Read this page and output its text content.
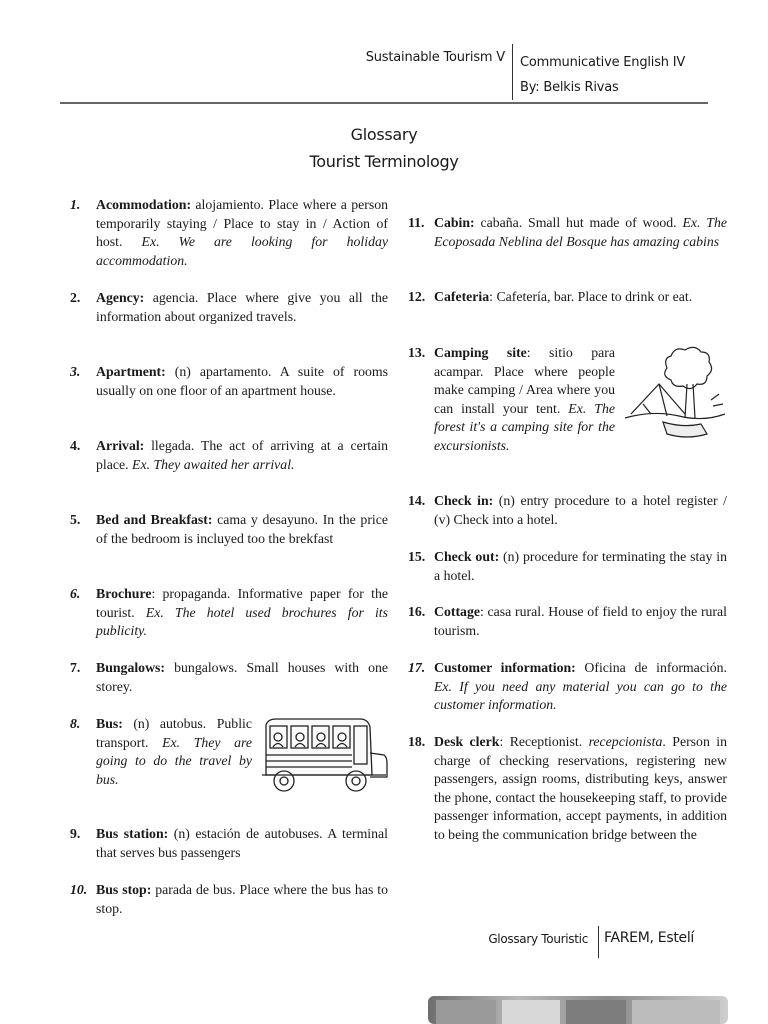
Sustainable Tourism V Communicative English IV
By: Belkis Rivas
Glossary
Tourist Terminology
1. Acommodation: alojamiento. Place where a person temporarily staying / Place to stay in / Action of host. Ex. We are looking for holiday accommodation.
2. Agency: agencia. Place where give you all the information about organized travels.
3. Apartment: (n) apartamento. A suite of rooms usually on one floor of an apartment house.
4. Arrival: llegada. The act of arriving at a certain place. Ex. They awaited her arrival.
5. Bed and Breakfast: cama y desayuno. In the price of the bedroom is incluyed too the brekfast
6. Brochure: propaganda. Informative paper for the tourist. Ex. The hotel used brochures for its publicity.
7. Bungalows: bungalows. Small houses with one storey.
8. Bus: (n) autobus. Public transport. Ex. They are going to do the travel by bus.
9. Bus station: (n) estación de autobuses. A terminal that serves bus passengers
10. Bus stop: parada de bus. Place where the bus has to stop.
11. Cabin: cabaña. Small hut made of wood. Ex. The Ecoposada Neblina del Bosque has amazing cabins
12. Cafeteria: Cafetería, bar. Place to drink or eat.
13. Camping site: sitio para acampar. Place where people make camping / Area where you can install your tent. Ex. The forest it's a camping site for the excursionists.
14. Check in: (n) entry procedure to a hotel register / (v) Check into a hotel.
15. Check out: (n) procedure for terminating the stay in a hotel.
16. Cottage: casa rural. House of field to enjoy the rural tourism.
17. Customer information: Oficina de información. Ex. If you need any material you can go to the customer information.
18. Desk clerk: Receptionist. recepcionista. Person in charge of checking reservations, registering new passengers, assign rooms, distributing keys, answer the phone, contact the housekeeping staff, to provide passenger information, accept payments, in addition to being the communication bridge between the
Glossary Touristic FAREM, Estelí
